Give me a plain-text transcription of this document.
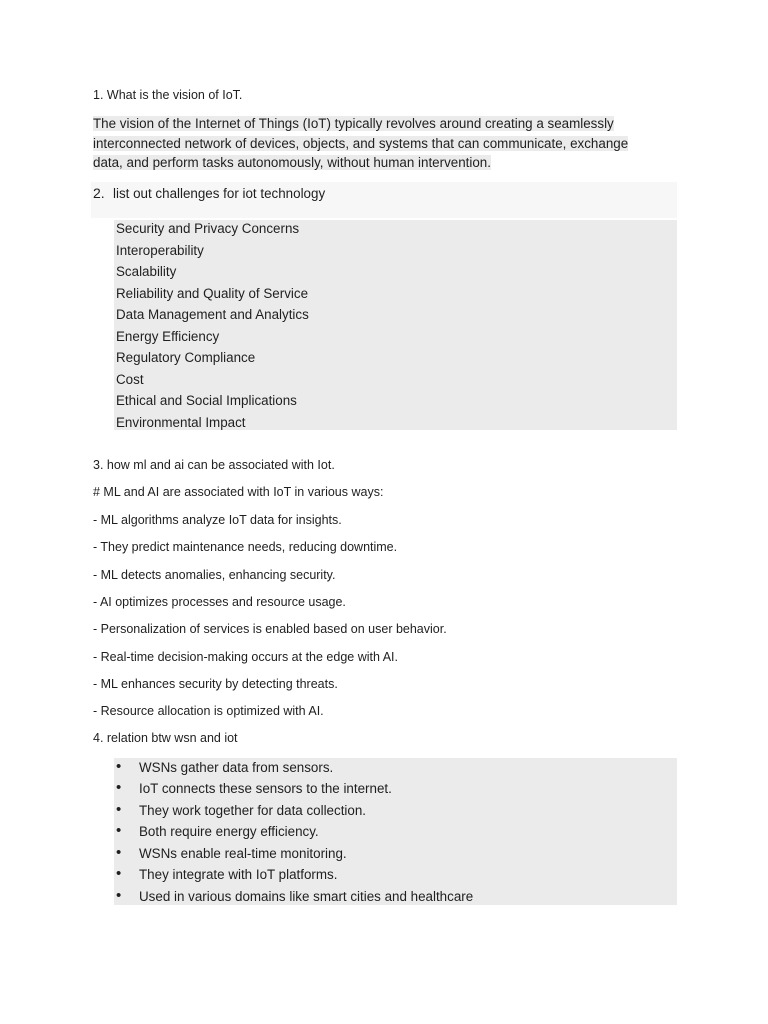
1. What is the vision of IoT.
The vision of the Internet of Things (IoT) typically revolves around creating a seamlessly interconnected network of devices, objects, and systems that can communicate, exchange data, and perform tasks autonomously, without human intervention.
2. list out challenges for iot technology
Security and Privacy Concerns
Interoperability
Scalability
Reliability and Quality of Service
Data Management and Analytics
Energy Efficiency
Regulatory Compliance
Cost
Ethical and Social Implications
Environmental Impact
3. how ml and ai can be associated with Iot.
# ML and AI are associated with IoT in various ways:
- ML algorithms analyze IoT data for insights.
- They predict maintenance needs, reducing downtime.
- ML detects anomalies, enhancing security.
- AI optimizes processes and resource usage.
- Personalization of services is enabled based on user behavior.
- Real-time decision-making occurs at the edge with AI.
- ML enhances security by detecting threats.
- Resource allocation is optimized with AI.
4. relation btw wsn and iot
• WSNs gather data from sensors.
• IoT connects these sensors to the internet.
• They work together for data collection.
• Both require energy efficiency.
• WSNs enable real-time monitoring.
• They integrate with IoT platforms.
• Used in various domains like smart cities and healthcare
